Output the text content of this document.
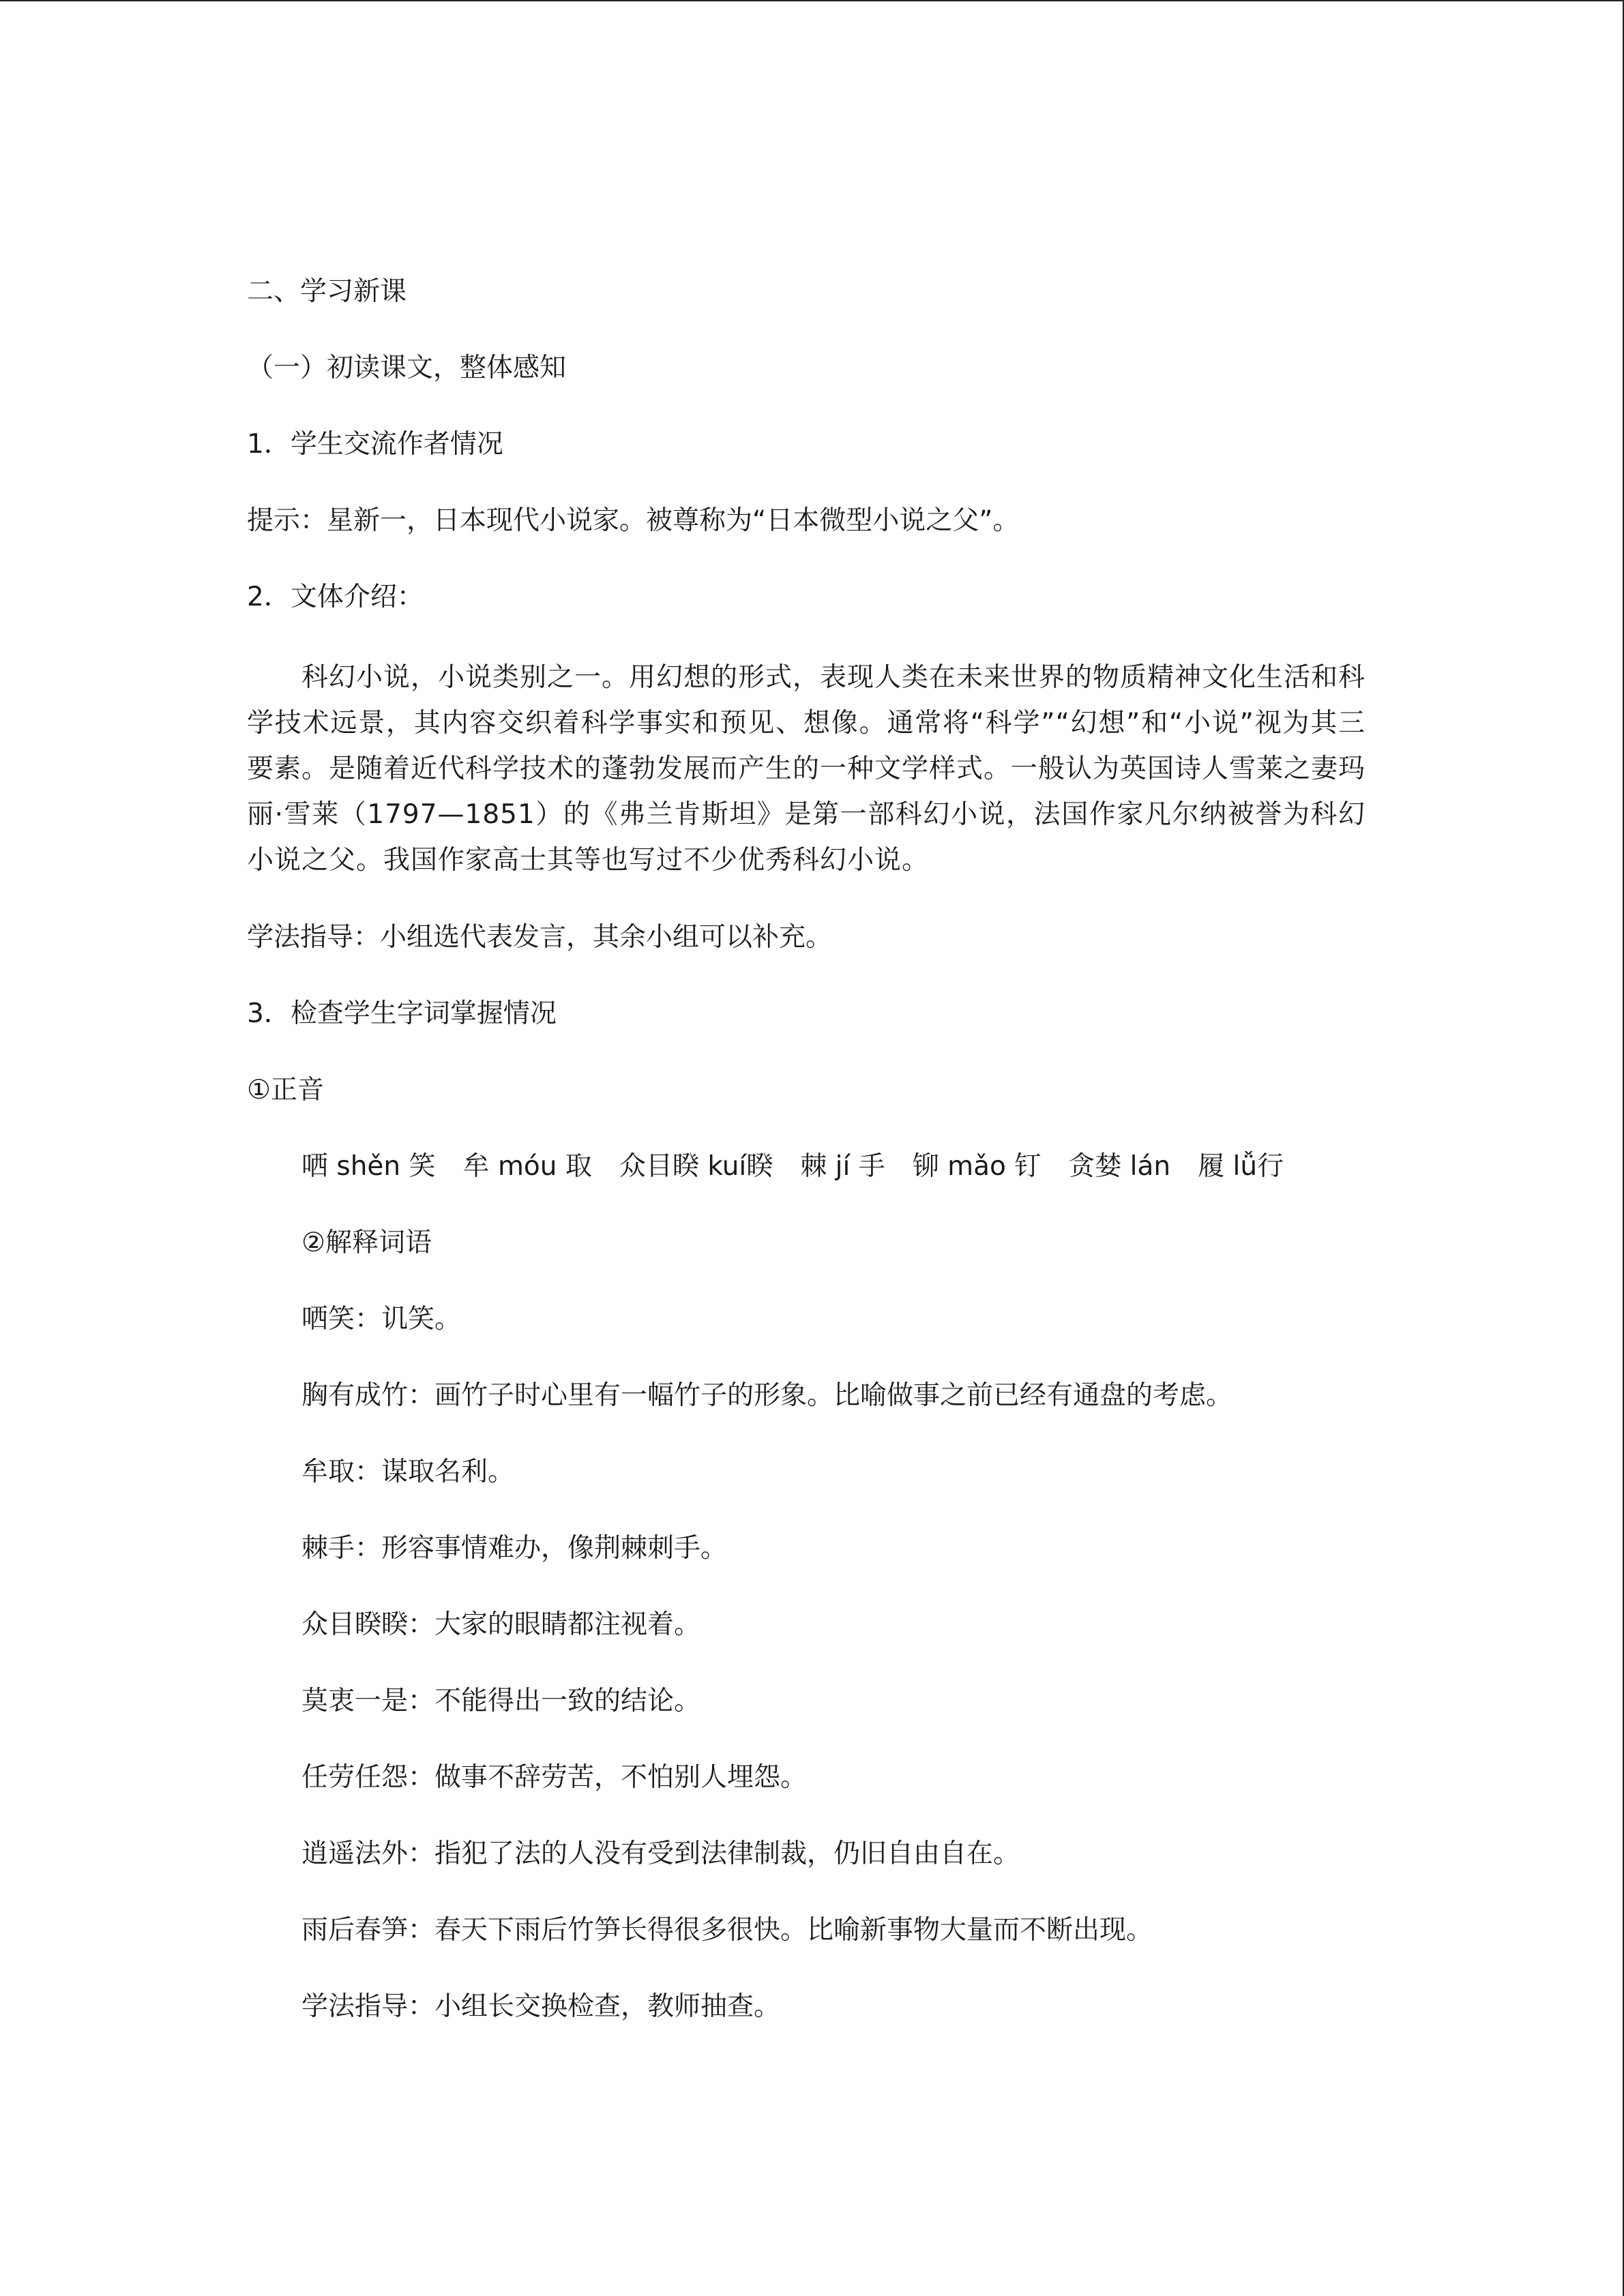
二、学习新课

（一）初读课文，整体感知

1．学生交流作者情况

提示：星新一，日本现代小说家。被尊称为“日本微型小说之父”。

2．文体介绍：

科幻小说，小说类别之一。用幻想的形式，表现人类在未来世界的物质精神文化生活和科学技术远景，其内容交织着科学事实和预见、想像。通常将“科学”“幻想”和“小说”视为其三要素。是随着近代科学技术的蓬勃发展而产生的一种文学样式。一般认为英国诗人雪莱之妻玛丽·雪莱（1797—1851）的《弗兰肯斯坦》是第一部科幻小说，法国作家凡尔纳被誉为科幻小说之父。我国作家高士其等也写过不少优秀科幻小说。

学法指导：小组选代表发言，其余小组可以补充。

3．检查学生字词掌握情况

①正音

哂 shěn 笑 牟 móu 取 众目睽 kuí睽 棘 jí 手 铆 mǎo 钉 贪婪 lán 履 lǚ行

②解释词语

哂笑：讥笑。

胸有成竹：画竹子时心里有一幅竹子的形象。比喻做事之前已经有通盘的考虑。

牟取：谋取名利。

棘手：形容事情难办，像荆棘刺手。

众目睽睽：大家的眼睛都注视着。

莫衷一是：不能得出一致的结论。

任劳任怨：做事不辞劳苦，不怕别人埋怨。

逍遥法外：指犯了法的人没有受到法律制裁，仍旧自由自在。

雨后春笋：春天下雨后竹笋长得很多很快。比喻新事物大量而不断出现。

学法指导：小组长交换检查，教师抽查。
